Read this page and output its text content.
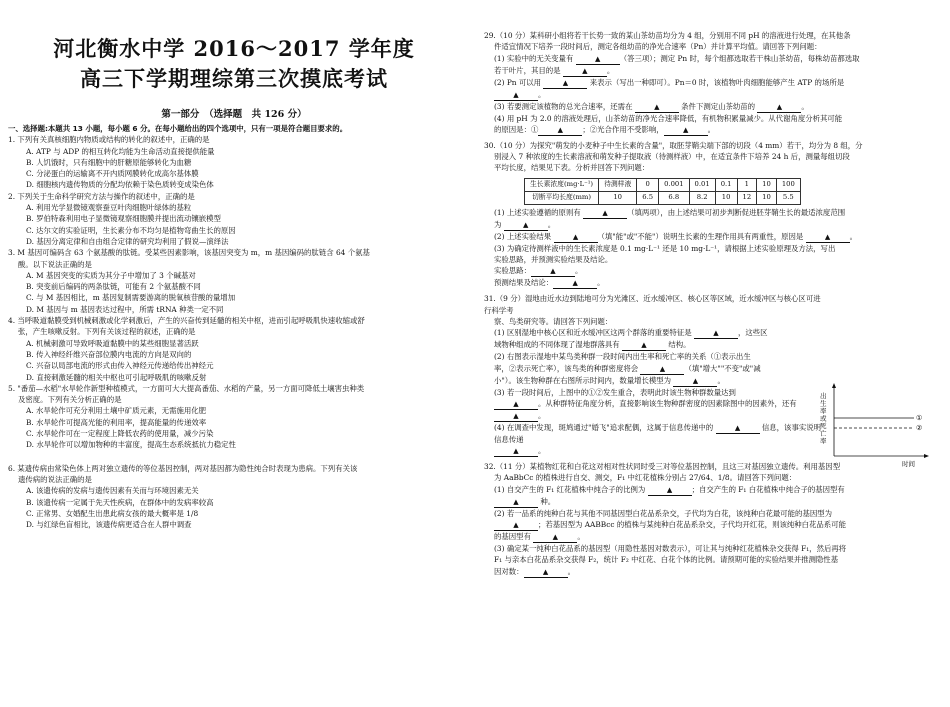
河北衡水中学 2016～2017 学年度
高三下学期理综第三次摸底考试
第一部分　（选择题　共 126 分）
一、选择题:本题共 13 小题，每小题 6 分。在每小题给出的四个选项中，只有一项是符合题目要求的。
1. 下列有关真核细胞内物质或结构的转化的叙述中，正确的是
A. ATP 与 ADP 的相互转化均能为生命活动直接提供能量
B. 人饥饿时，只有细胞中的肝糖原能够转化为血糖
C. 分泌蛋白的运输离不开内质网膜转化成高尔基体膜
D. 细胞核内遗传物质的分配均依赖于染色质转变成染色体
2. 下列关于生命科学研究方法与操作的叙述中，正确的是
A. 利用光学显微镜观察蚕豆叶肉细胞叶绿体的基粒
B. 罗伯特森利用电子显微镜观察细胞膜并提出流动镶嵌模型
C. 达尔文的实验证明，生长素分布不均匀是植物弯曲生长的原因
D. 基因分离定律和自由组合定律的研究均利用了假说—演绎法
3. M 基因可编码含 63 个氨基酸的肽链。受某些因素影响，该基因突变为 m，m 基因编码的肽链含 64 个氨基
酸。以下说法正确的是
A. M 基因突变的实质为其分子中增加了 3 个碱基对
B. 突变前后编码的两条肽链，可能有 2 个氨基酸不同
C. 与 M 基因相比，m 基因复制需要游离的脱氧核苷酸的量增加
D. M 基因与 m 基因表达过程中，所需 tRNA 种类一定不同
4. 当呼吸道黏膜受到机械刺激或化学刺激后，产生的兴奋传到延髓的相关中枢，进而引起呼吸肌快速收缩或舒
张，产生咳嗽反射。下列有关该过程的叙述，正确的是
A. 机械刺激可导致呼吸道黏膜中的某些细胞显著活跃
B. 传入神经纤维兴奋部位膜内电流的方向是双向的
C. 兴奋以局部电流的形式由传入神经元传递给传出神经元
D. 直接刺激延髓的相关中枢也可引起呼吸肌的咳嗽反射
5. "番茄—水稻"水旱轮作新型种植模式，一方面可大大提高番茄、水稻的产量，另一方面可降低土壤害虫种类
及密度。下列有关分析正确的是
A. 水旱轮作可充分利用土壤中矿质元素，无需施用化肥
B. 水旱轮作可提高光能的利用率，提高能量的传递效率
C. 水旱轮作可在一定程度上降低农药的使用量，减少污染
D. 水旱轮作可以增加物种的丰富度，提高生态系统抵抗力稳定性
6. 某遗传病由常染色体上两对独立遗传的等位基因控制，两对基因都为隐性纯合时表现为患病。下列有关该
遗传病的说法正确的是
A. 该遗传病的发病与遗传因素有关而与环境因素无关
B. 该遗传病一定属于先天性疾病，在群体中的发病率较高
C. 正常男、女婚配生出患此病女孩的最大概率是 1/8
D. 与红绿色盲相比，该遗传病更适合在人群中调查
29.（10 分）某科研小组将若干长势一致的某山茶幼苗均分为 4 组，分别用不同 pH 的溶液进行处理，在其他条
件适宜情况下培养一段时间后，测定各组幼苗的净光合速率（Pn）并计算平均值。请回答下列问题：
(1) 实验中的无关变量有	▲	（答三项）；测定 Pn 时，每个组都选取若干株山茶幼苗，每株幼苗都选取
若干叶片，其目的是	▲	。
(2) Pn 可以用	▲	来表示（写出一种即可）。Pn＝0 时，该植物叶肉细胞能够产生 ATP 的场所是
▲	。
(3) 若要测定该植物的总光合速率，还需在	▲	条件下测定山茶幼苗的	▲	。
(4) 用 pH 为 2.0 的溶液处理后，山茶幼苗的净光合速率降低，有机物积累量减少。从代谢角度分析其可能
的原因是：①	▲	；②光合作用不受影响，	▲	。
30.（10 分）为探究"萌发的小麦种子中生长素的含量"，取胚芽鞘尖端下部的切段（4 mm）若干，均分为 8 组，分
别浸入 7 种浓度的生长素溶液和萌发种子提取液（待测样液）中，在适宜条件下培养 24 h 后，测量每组切段
平均长度，结果见下表。分析并回答下列问题：
生长素浓度(mg·L⁻¹)	待测样液	0	0.001	0.01	0.1	1	10	100
切断平均长度(mm)	10	6.5	6.8	8.2	10	12	10	5.5
(1) 上述实验遵循的原则有	▲	（填两项），由上述结果可初步判断促进胚芽鞘生长的最适浓度范围
为	▲	。
(2) 上述实验结果	▲	（填"能"或"不能"）说明生长素的生理作用具有两重性，原因是	▲	。
(3) 为确定待测样液中的生长素浓度是 0.1 mg·L⁻¹ 还是 10 mg·L⁻¹，请根据上述实验原理及方法，写出
实验思路，并预测实验结果及结论。
实验思路：	▲	。
预测结果及结论：	▲	。
31.（9 分）湿地由近水边到陆地可分为光滩区、近水缓冲区、核心区等区域，近水缓冲区与核心区可进行科学考
察、鸟类研究等。请回答下列问题：
(1) 区别湿地中核心区和近水缓冲区这两个群落的重要特征是	▲	，这些区
域物种组成的不同体现了湿地群落具有	▲	结构。
(2) 右图表示湿地中某鸟类种群一段时间内出生率和死亡率的关系（①表示出生
率，②表示死亡率），该鸟类的种群密度将会	▲	（填"增大""不变"或"减
小"）。该生物种群在右图所示时间内，数量增长模型为	▲	。
(3) 若一段时间后，上图中的①②发生重合，表明此时该生物种群数量达到
▲	。从种群特征角度分析，直接影响该生物种群密度的因素除图中的因素外，还有 ▲	。
(4) 在调查中发现，斑鸠通过"婚飞"追求配偶，这属于信息传递中的	▲	信息，该事实说明信息传递
▲	。
32.（11 分）某植物红花和白花这对相对性状同时受三对等位基因控制，且这三对基因独立遗传。利用基因型
为 AaBbCc 的植株进行自交、测交，F₁ 中红花植株分别占 27/64、1/8。请回答下列问题：
(1) 自交产生的 F₁ 红花植株中纯合子的比例为	▲	；自交产生的 F₁ 白花植株中纯合子的基因型有
▲	种。
(2) 若一品系的纯种白花与其他不同基因型白花品系杂交，子代均为白花，该纯种白花最可能的基因型为
▲	；若基因型为 AABBcc 的植株与某纯种白花品系杂交，子代均开红花，则该纯种白花品系可能
的基因型有	▲	。
(3) 确定某一纯种白花品系的基因型（用隐性基因对数表示），可让其与纯种红花植株杂交获得 F₁，然后再将
F₁ 与亲本白花品系杂交获得 F₂，统计 F₂ 中红花、白花个体的比例。请预期可能的实验结果并推测隐性基
因对数：	▲	。
①
②
时间
出生率或死亡率
